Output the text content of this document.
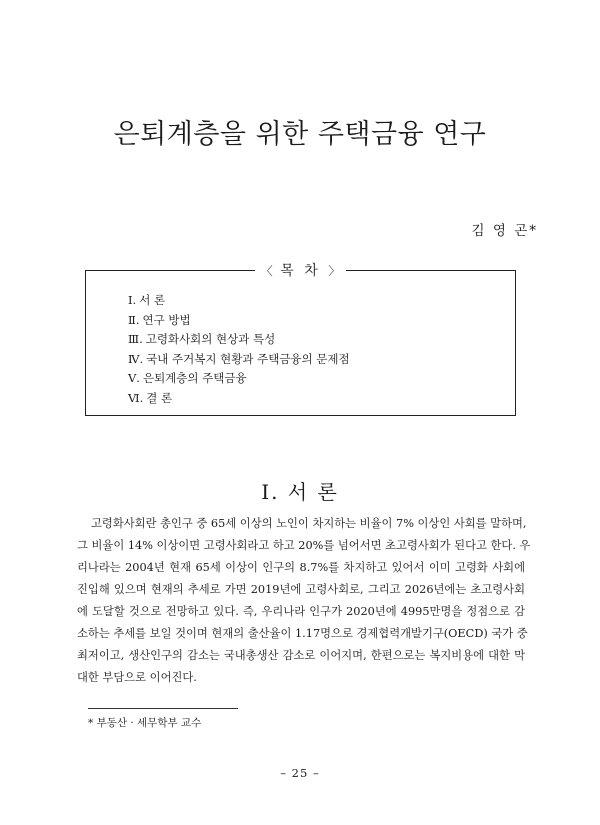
은퇴계층을 위한 주택금융 연구
김 영 곤*
〈 목 차 〉
Ⅰ. 서 론
Ⅱ. 연구 방법
Ⅲ. 고령화사회의 현상과 특성
Ⅳ. 국내 주거복지 현황과 주택금융의 문제점
Ⅴ. 은퇴계층의 주택금융
Ⅵ. 결 론
Ⅰ. 서 론

고령화사회란 총인구 중 65세 이상의 노인이 차지하는 비율이 7% 이상인 사회를 말하며,
그 비율이 14% 이상이면 고령사회라고 하고 20%를 넘어서면 초고령사회가 된다고 한다. 우
리나라는 2004년 현재 65세 이상이 인구의 8.7%를 차지하고 있어서 이미 고령화 사회에
진입해 있으며 현재의 추세로 가면 2019년에 고령사회로, 그리고 2026년에는 초고령사회
에 도달할 것으로 전망하고 있다. 즉, 우리나라 인구가 2020년에 4995만명을 정점으로 감
소하는 추세를 보일 것이며 현재의 출산율이 1.17명으로 경제협력개발기구(OECD) 국가 중
최저이고, 생산인구의 감소는 국내총생산 감소로 이어지며, 한편으로는 복지비용에 대한 막
대한 부담으로 이어진다.

* 부동산 · 세무학부 교수
– 25 –
